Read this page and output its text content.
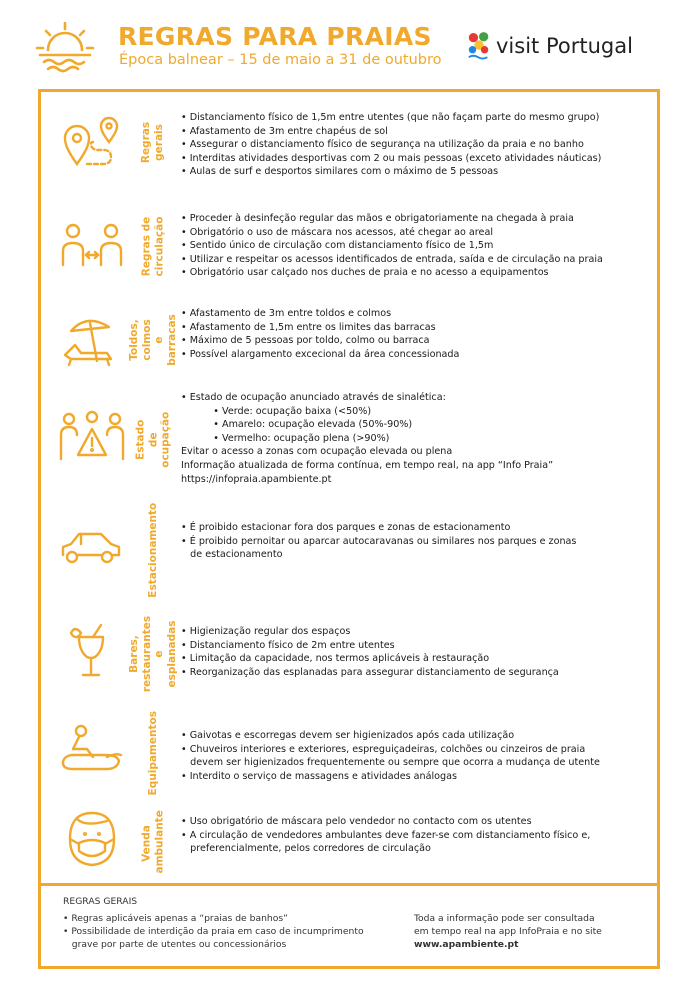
REGRAS PARA PRAIAS
Época balnear – 15 de maio a 31 de outubro
visit Portugal
Regras gerais
• Distanciamento físico de 1,5m entre utentes (que não façam parte do mesmo grupo)
• Afastamento de 3m entre chapéus de sol
• Assegurar o distanciamento físico de segurança na utilização da praia e no banho
• Interditas atividades desportivas com 2 ou mais pessoas (exceto atividades náuticas)
• Aulas de surf e desportos similares com o máximo de 5 pessoas
Regras de circulação • Proceder à desinfeção regular das mãos e obrigatoriamente na chegada à praia
• Obrigatório o uso de máscara nos acessos, até chegar ao areal
• Sentido único de circulação com distanciamento físico de 1,5m
• Utilizar e respeitar os acessos identificados de entrada, saída e de circulação na praia
• Obrigatório usar calçado nos duches de praia e no acesso a equipamentos
Toldos, colmos e barracas
• Afastamento de 3m entre toldos e colmos
• Afastamento de 1,5m entre os limites das barracas
• Máximo de 5 pessoas por toldo, colmo ou barraca
• Possível alargamento excecional da área concessionada
Estado de ocupação
• Estado de ocupação anunciado através de sinalética:
• Verde: ocupação baixa (<50%)
• Amarelo: ocupação elevada (50%-90%)
• Vermelho: ocupação plena (>90%)
Evitar o acesso a zonas com ocupação elevada ou plena
Informação atualizada de forma contínua, em tempo real, na app “Info Praia”
https://infopraia.apambiente.pt
Estacionamento • É proibido estacionar fora dos parques e zonas de estacionamento
• É proibido pernoitar ou aparcar autocaravanas ou similares nos parques e zonas
de estacionamento
Bares, restaurantes e esplanadas • Higienização regular dos espaços
• Distanciamento físico de 2m entre utentes
• Limitação da capacidade, nos termos aplicáveis à restauração
• Reorganização das esplanadas para assegurar distanciamento de segurança
Equipamentos • Gaivotas e escorregas devem ser higienizados após cada utilização
• Chuveiros interiores e exteriores, espreguiçadeiras, colchões ou cinzeiros de praia
devem ser higienizados frequentemente ou sempre que ocorra a mudança de utente
• Interdito o serviço de massagens e atividades análogas
Venda ambulante • Uso obrigatório de máscara pelo vendedor no contacto com os utentes
• A circulação de vendedores ambulantes deve fazer-se com distanciamento físico e,
preferencialmente, pelos corredores de circulação
REGRAS GERAIS
• Regras aplicáveis apenas a “praias de banhos”
• Possibilidade de interdição da praia em caso de incumprimento
grave por parte de utentes ou concessionários
Toda a informação pode ser consultada
em tempo real na app InfoPraia e no site
www.apambiente.pt
